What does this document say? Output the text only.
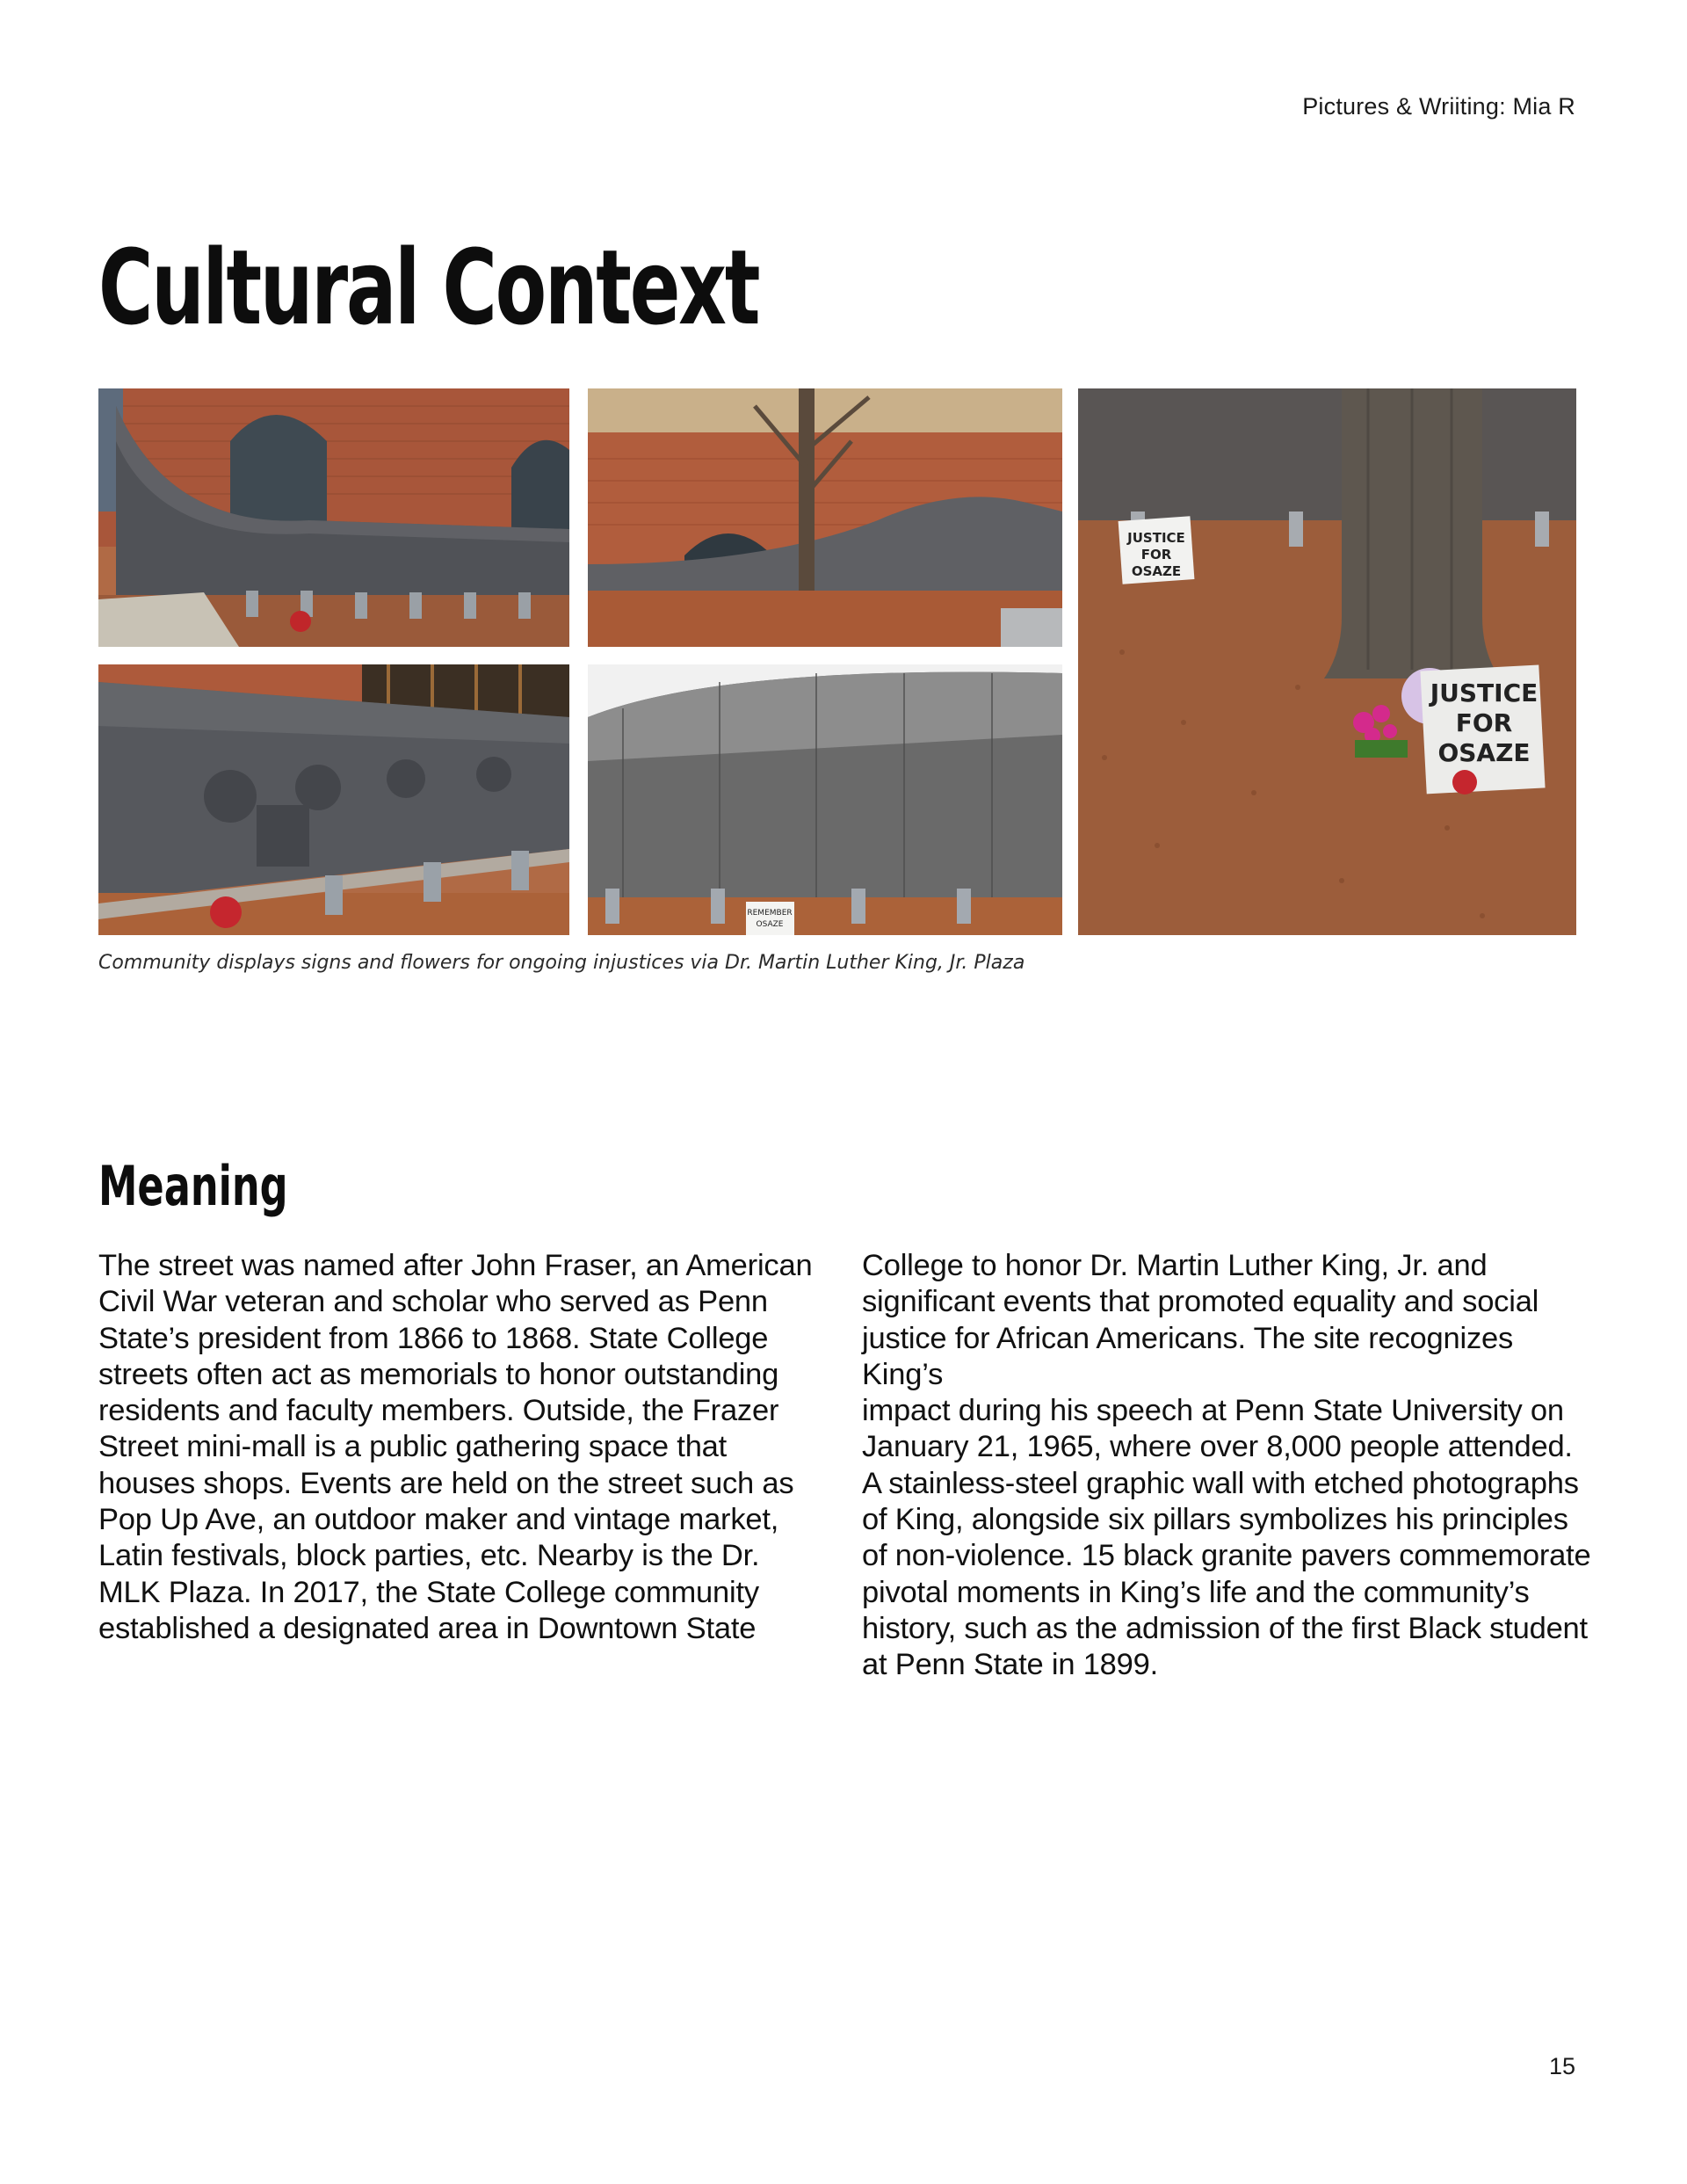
Pictures & Wriiting: Mia R
Cultural Context
JUSTICE
FOR
OSAZE
JUSTICE
FOR
OSAZE
REMEMBER
OSAZE
Community displays signs and flowers for ongoing injustices via Dr. Martin Luther King, Jr. Plaza
Meaning
The street was named after John Fraser, an American
Civil War veteran and scholar who served as Penn
State’s president from 1866 to 1868. State College
streets often act as memorials to honor outstanding
residents and faculty members. Outside, the Frazer
Street mini-mall is a public gathering space that
houses shops. Events are held on the street such as
Pop Up Ave, an outdoor maker and vintage market,
Latin festivals, block parties, etc. Nearby is the Dr.
MLK Plaza. In 2017, the State College community
established a designated area in Downtown State
College to honor Dr. Martin Luther King, Jr. and
significant events that promoted equality and social
justice for African Americans. The site recognizes King’s
impact during his speech at Penn State University on
January 21, 1965, where over 8,000 people attended.
A stainless-steel graphic wall with etched photographs
of King, alongside six pillars symbolizes his principles
of non-violence. 15 black granite pavers commemorate
pivotal moments in King’s life and the community’s
history, such as the admission of the first Black student
at Penn State in 1899.
15
